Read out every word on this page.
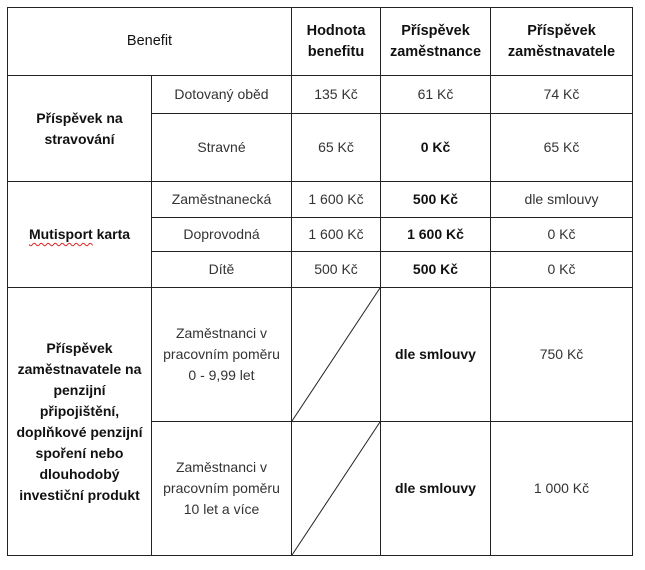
Benefit		Hodnota benefitu	Příspěvek zaměstnance	Příspěvek zaměstnavatele
Příspěvek na stravování	Dotovaný oběd	135 Kč	61 Kč	74 Kč
	Stravné	65 Kč	0 Kč	65 Kč
Mutisport karta	Zaměstnanecká	1 600 Kč	500 Kč	dle smlouvy
	Doprovodná	1 600 Kč	1 600 Kč	0 Kč
	Dítě	500 Kč	500 Kč	0 Kč
Příspěvek zaměstnavatele na penzijní připojištění, doplňkové penzijní spoření nebo dlouhodobý investiční produkt	Zaměstnanci v pracovním poměru 0 - 9,99 let		dle smlouvy	750 Kč
	Zaměstnanci v pracovním poměru 10 let a více		dle smlouvy	1 000 Kč
